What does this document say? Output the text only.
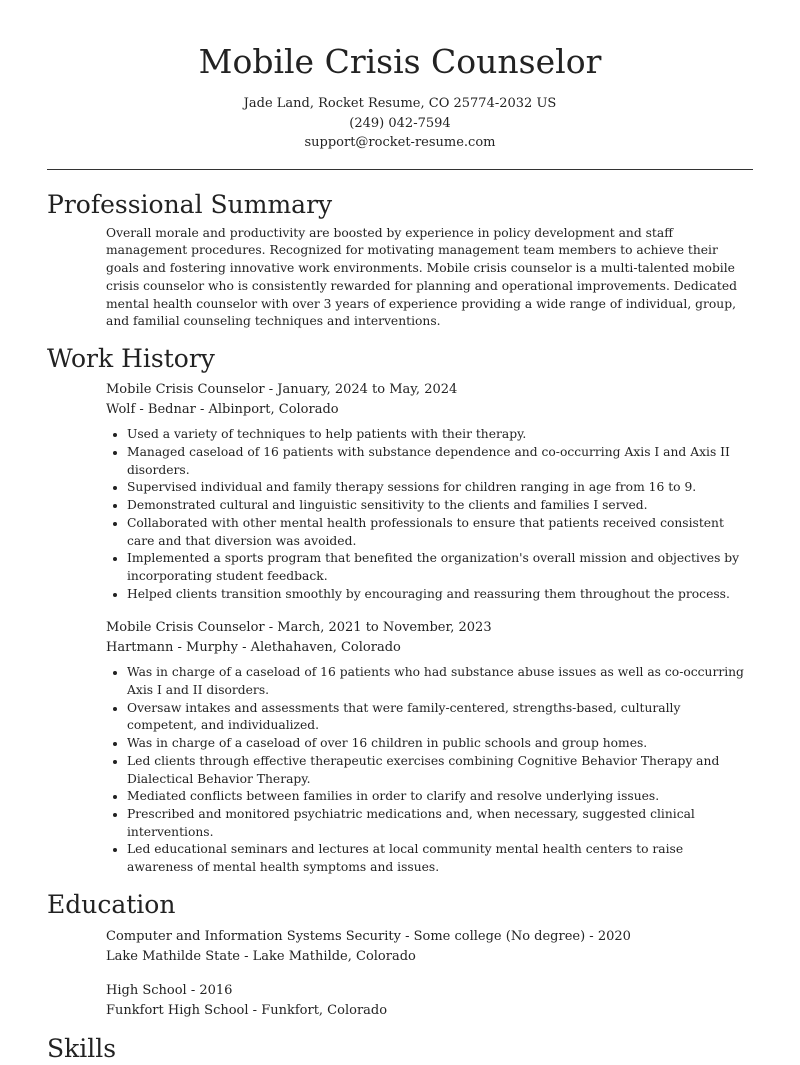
Mobile Crisis Counselor
Jade Land, Rocket Resume, CO 25774-2032 US
(249) 042-7594
support@rocket-resume.com
Professional Summary

Overall morale and productivity are boosted by experience in policy development and staff management procedures. Recognized for motivating management team members to achieve their goals and fostering innovative work environments. Mobile crisis counselor is a multi-talented mobile crisis counselor who is consistently rewarded for planning and operational improvements. Dedicated mental health counselor with over 3 years of experience providing a wide range of individual, group, and familial counseling techniques and interventions.

Work History
Mobile Crisis Counselor - January, 2024 to May, 2024
Wolf - Bednar - Albinport, Colorado
• Used a variety of techniques to help patients with their therapy.
• Managed caseload of 16 patients with substance dependence and co-occurring Axis I and Axis II disorders.
• Supervised individual and family therapy sessions for children ranging in age from 16 to 9.
• Demonstrated cultural and linguistic sensitivity to the clients and families I served.
• Collaborated with other mental health professionals to ensure that patients received consistent care and that diversion was avoided.
• Implemented a sports program that benefited the organization's overall mission and objectives by incorporating student feedback.
• Helped clients transition smoothly by encouraging and reassuring them throughout the process.
Mobile Crisis Counselor - March, 2021 to November, 2023
Hartmann - Murphy - Alethahaven, Colorado
• Was in charge of a caseload of 16 patients who had substance abuse issues as well as co-occurring Axis I and II disorders.
• Oversaw intakes and assessments that were family-centered, strengths-based, culturally competent, and individualized.
• Was in charge of a caseload of over 16 children in public schools and group homes.
• Led clients through effective therapeutic exercises combining Cognitive Behavior Therapy and Dialectical Behavior Therapy.
• Mediated conflicts between families in order to clarify and resolve underlying issues.
• Prescribed and monitored psychiatric medications and, when necessary, suggested clinical interventions.
• Led educational seminars and lectures at local community mental health centers to raise awareness of mental health symptoms and issues.
Education
Computer and Information Systems Security - Some college (No degree) - 2020
Lake Mathilde State - Lake Mathilde, Colorado
High School - 2016
Funkfort High School - Funkfort, Colorado
Skills
